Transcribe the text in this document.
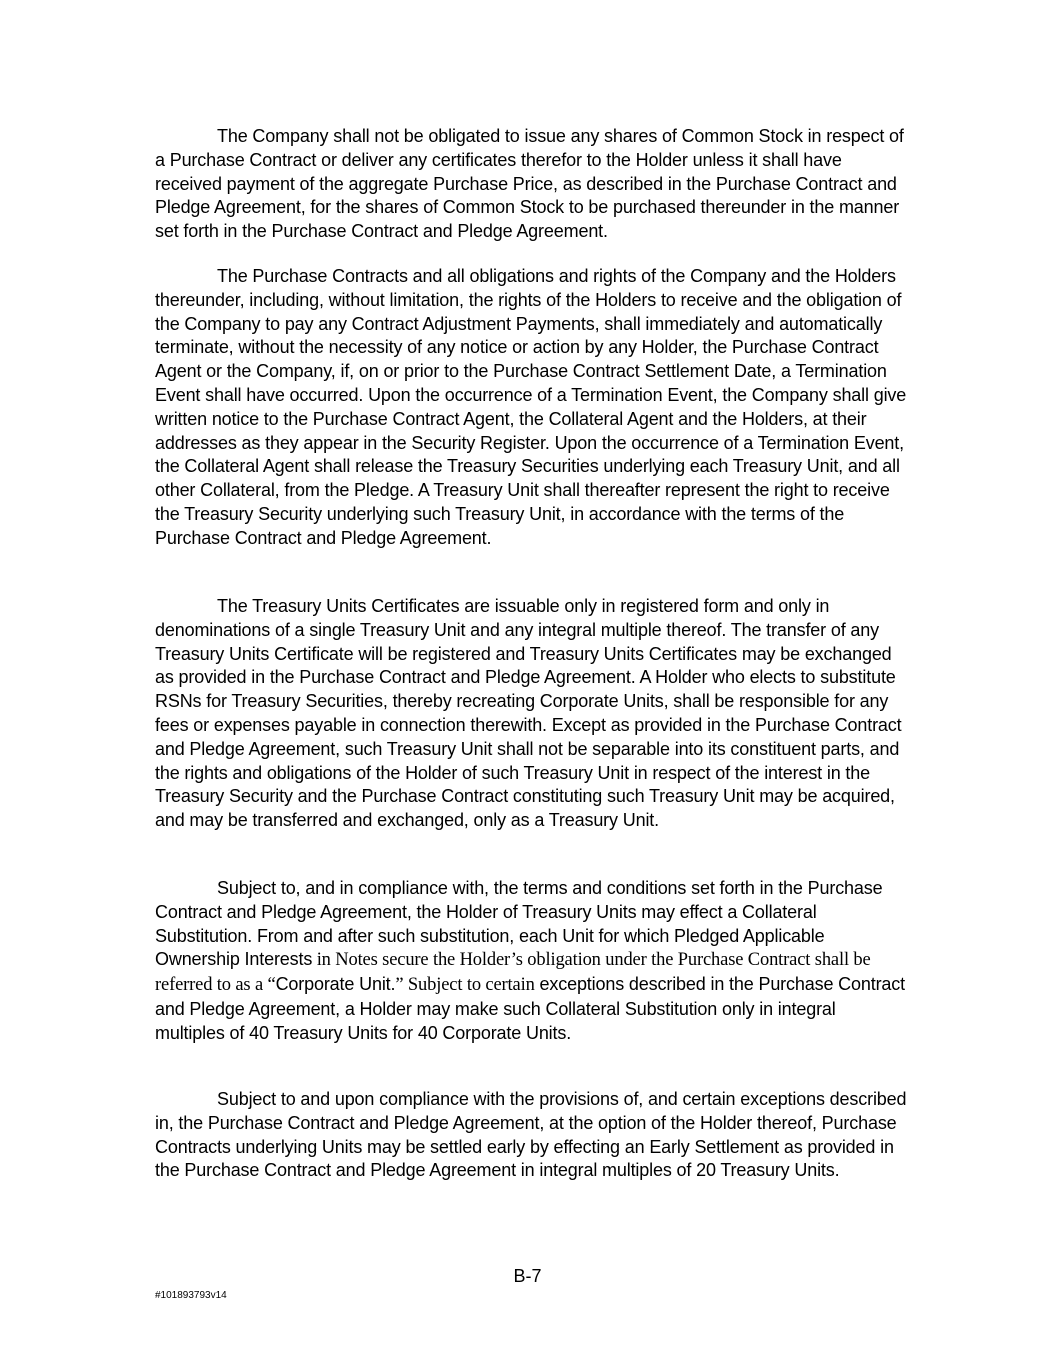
The Company shall not be obligated to issue any shares of Common Stock in respect of a Purchase Contract or deliver any certificates therefor to the Holder unless it shall have received payment of the aggregate Purchase Price, as described in the Purchase Contract and Pledge Agreement, for the shares of Common Stock to be purchased thereunder in the manner set forth in the Purchase Contract and Pledge Agreement.

The Purchase Contracts and all obligations and rights of the Company and the Holders thereunder, including, without limitation, the rights of the Holders to receive and the obligation of the Company to pay any Contract Adjustment Payments, shall immediately and automatically terminate, without the necessity of any notice or action by any Holder, the Purchase Contract Agent or the Company, if, on or prior to the Purchase Contract Settlement Date, a Termination Event shall have occurred. Upon the occurrence of a Termination Event, the Company shall give written notice to the Purchase Contract Agent, the Collateral Agent and the Holders, at their addresses as they appear in the Security Register. Upon the occurrence of a Termination Event, the Collateral Agent shall release the Treasury Securities underlying each Treasury Unit, and all other Collateral, from the Pledge. A Treasury Unit shall thereafter represent the right to receive the Treasury Security underlying such Treasury Unit, in accordance with the terms of the Purchase Contract and Pledge Agreement.

The Treasury Units Certificates are issuable only in registered form and only in denominations of a single Treasury Unit and any integral multiple thereof. The transfer of any Treasury Units Certificate will be registered and Treasury Units Certificates may be exchanged as provided in the Purchase Contract and Pledge Agreement. A Holder who elects to substitute RSNs for Treasury Securities, thereby recreating Corporate Units, shall be responsible for any fees or expenses payable in connection therewith. Except as provided in the Purchase Contract and Pledge Agreement, such Treasury Unit shall not be separable into its constituent parts, and the rights and obligations of the Holder of such Treasury Unit in respect of the interest in the Treasury Security and the Purchase Contract constituting such Treasury Unit may be acquired, and may be transferred and exchanged, only as a Treasury Unit.

Subject to, and in compliance with, the terms and conditions set forth in the Purchase Contract and Pledge Agreement, the Holder of Treasury Units may effect a Collateral Substitution. From and after such substitution, each Unit for which Pledged Applicable Ownership Interests in Notes secure the Holder’s obligation under the Purchase Contract shall be referred to as a “Corporate Unit.” Subject to certain exceptions described in the Purchase Contract and Pledge Agreement, a Holder may make such Collateral Substitution only in integral multiples of 40 Treasury Units for 40 Corporate Units.

Subject to and upon compliance with the provisions of, and certain exceptions described in, the Purchase Contract and Pledge Agreement, at the option of the Holder thereof, Purchase Contracts underlying Units may be settled early by effecting an Early Settlement as provided in the Purchase Contract and Pledge Agreement in integral multiples of 20 Treasury Units.

B-7
#101893793v14
